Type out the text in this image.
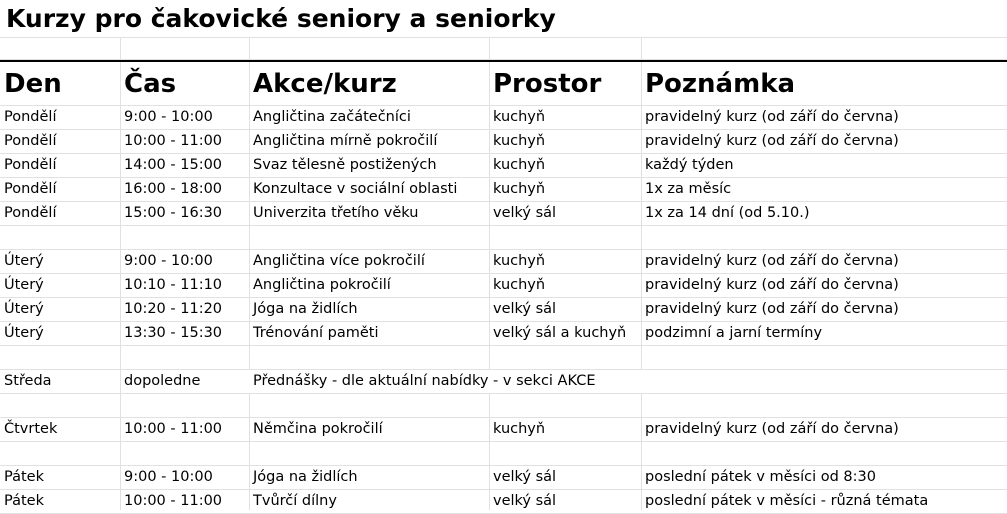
Kurzy pro čakovické seniory a seniorky
Den	Čas	Akce/kurz	Prostor	Poznámka
Pondělí	9:00 - 10:00	Angličtina začátečníci	kuchyň	pravidelný kurz (od září do června)
Pondělí	10:00 - 11:00	Angličtina mírně pokročilí	kuchyň	pravidelný kurz (od září do června)
Pondělí	14:00 - 15:00	Svaz tělesně postižených	kuchyň	každý týden
Pondělí	16:00 - 18:00	Konzultace v sociální oblasti	kuchyň	1x za měsíc
Pondělí	15:00 - 16:30	Univerzita třetího věku	velký sál	1x za 14 dní (od 5.10.)
Úterý	9:00 - 10:00	Angličtina více pokročilí	kuchyň	pravidelný kurz (od září do června)
Úterý	10:10 - 11:10	Angličtina pokročilí	kuchyň	pravidelný kurz (od září do června)
Úterý	10:20 - 11:20	Jóga na židlích	velký sál	pravidelný kurz (od září do června)
Úterý	13:30 - 15:30	Trénování paměti	velký sál a kuchyň	podzimní a jarní termíny
Středa	dopoledne	Přednášky - dle aktuální nabídky - v sekci AKCE
Čtvrtek	10:00 - 11:00	Němčina pokročilí	kuchyň	pravidelný kurz (od září do června)
Pátek	9:00 - 10:00	Jóga na židlích	velký sál	poslední pátek v měsíci od 8:30
Pátek	10:00 - 11:00	Tvůrčí dílny	velký sál	poslední pátek v měsíci - různá témata
